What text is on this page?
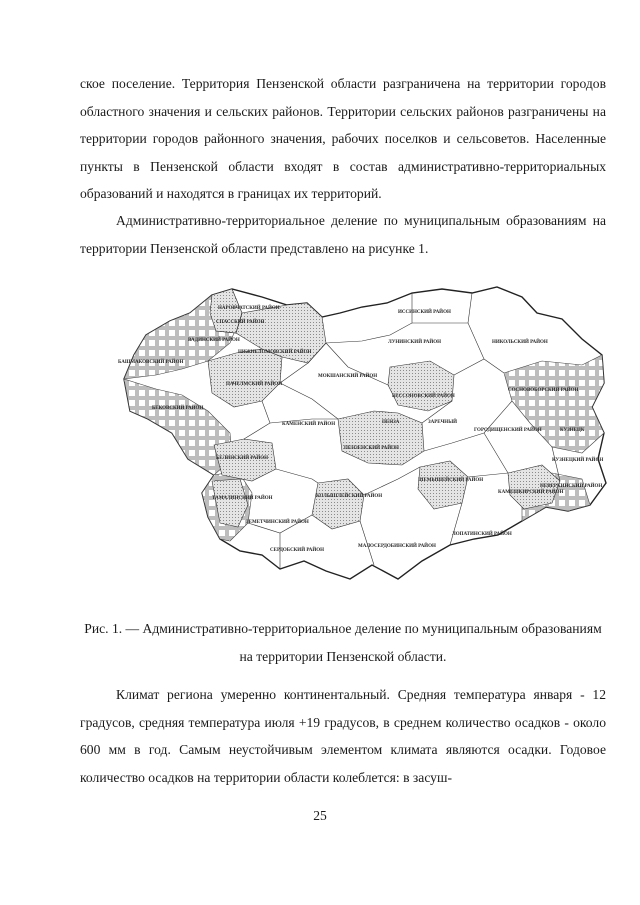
ское поселение. Территория Пензенской области разграничена на территории городов областного значения и сельских районов. Территории сельских районов разграничены на территории городов районного значения, рабочих поселков и сельсоветов. Населенные пункты в Пензенской области входят в состав административно-территориальных образований и находятся в границах их территорий.

Административно-территориальное деление по муниципальным образованиям на территории Пензенской области представлено на рисунке 1.

НАРОВЧАТСКИЙ РАЙОН
СПАССКИЙ РАЙОН
ВАДИНСКИЙ РАЙОН
БАШМАКОВСКИЙ РАЙОН
ПАЧЕЛМСКИЙ РАЙОН
НИЖНЕЛОМОВСКИЙ РАЙОН
БЕКОВСКИЙ РАЙОН
МОКШАНСКИЙ РАЙОН
БЕЛИНСКИЙ РАЙОН
ЛУНИНСКИЙ РАЙОН
ИССИНСКИЙ РАЙОН
НИКОЛЬСКИЙ РАЙОН
СОСНОВОБОРСКИЙ РАЙОН
КАМЕНСКИЙ РАЙОН
БЕССОНОВСКИЙ РАЙОН
ПЕНЗА	ЗАРЕЧНЫЙ
ГОРОДИЩЕНСКИЙ РАЙОН	КУЗНЕЦК
ПЕНЗЕНСКИЙ РАЙОН
ТАМАЛИНСКИЙ РАЙОН	КОЛЫШЛЕЙСКИЙ РАЙОН
КАМЕШКИРСКИЙ РАЙОН
ШЕМЫШЕЙСКИЙ РАЙОН
НЕВЕРКИНСКИЙ РАЙОН
СЕРДОБСКИЙ РАЙОН
МАЛОСЕРДОБИНСКИЙ РАЙОН
ЛОПАТИНСКИЙ РАЙОН
ЗЕМЕТЧИНСКИЙ РАЙОН
КУЗНЕЦКИЙ РАЙОН

Рис. 1. — Административно-территориальное деление по муниципальным образованиям на территории Пензенской области.

Климат региона умеренно континентальный. Средняя температура января - 12 градусов, средняя температура июля +19 градусов, в среднем количество осадков - около 600 мм в год. Самым неустойчивым элементом климата являются осадки. Годовое количество осадков на территории области колеблется: в засуш-

25
